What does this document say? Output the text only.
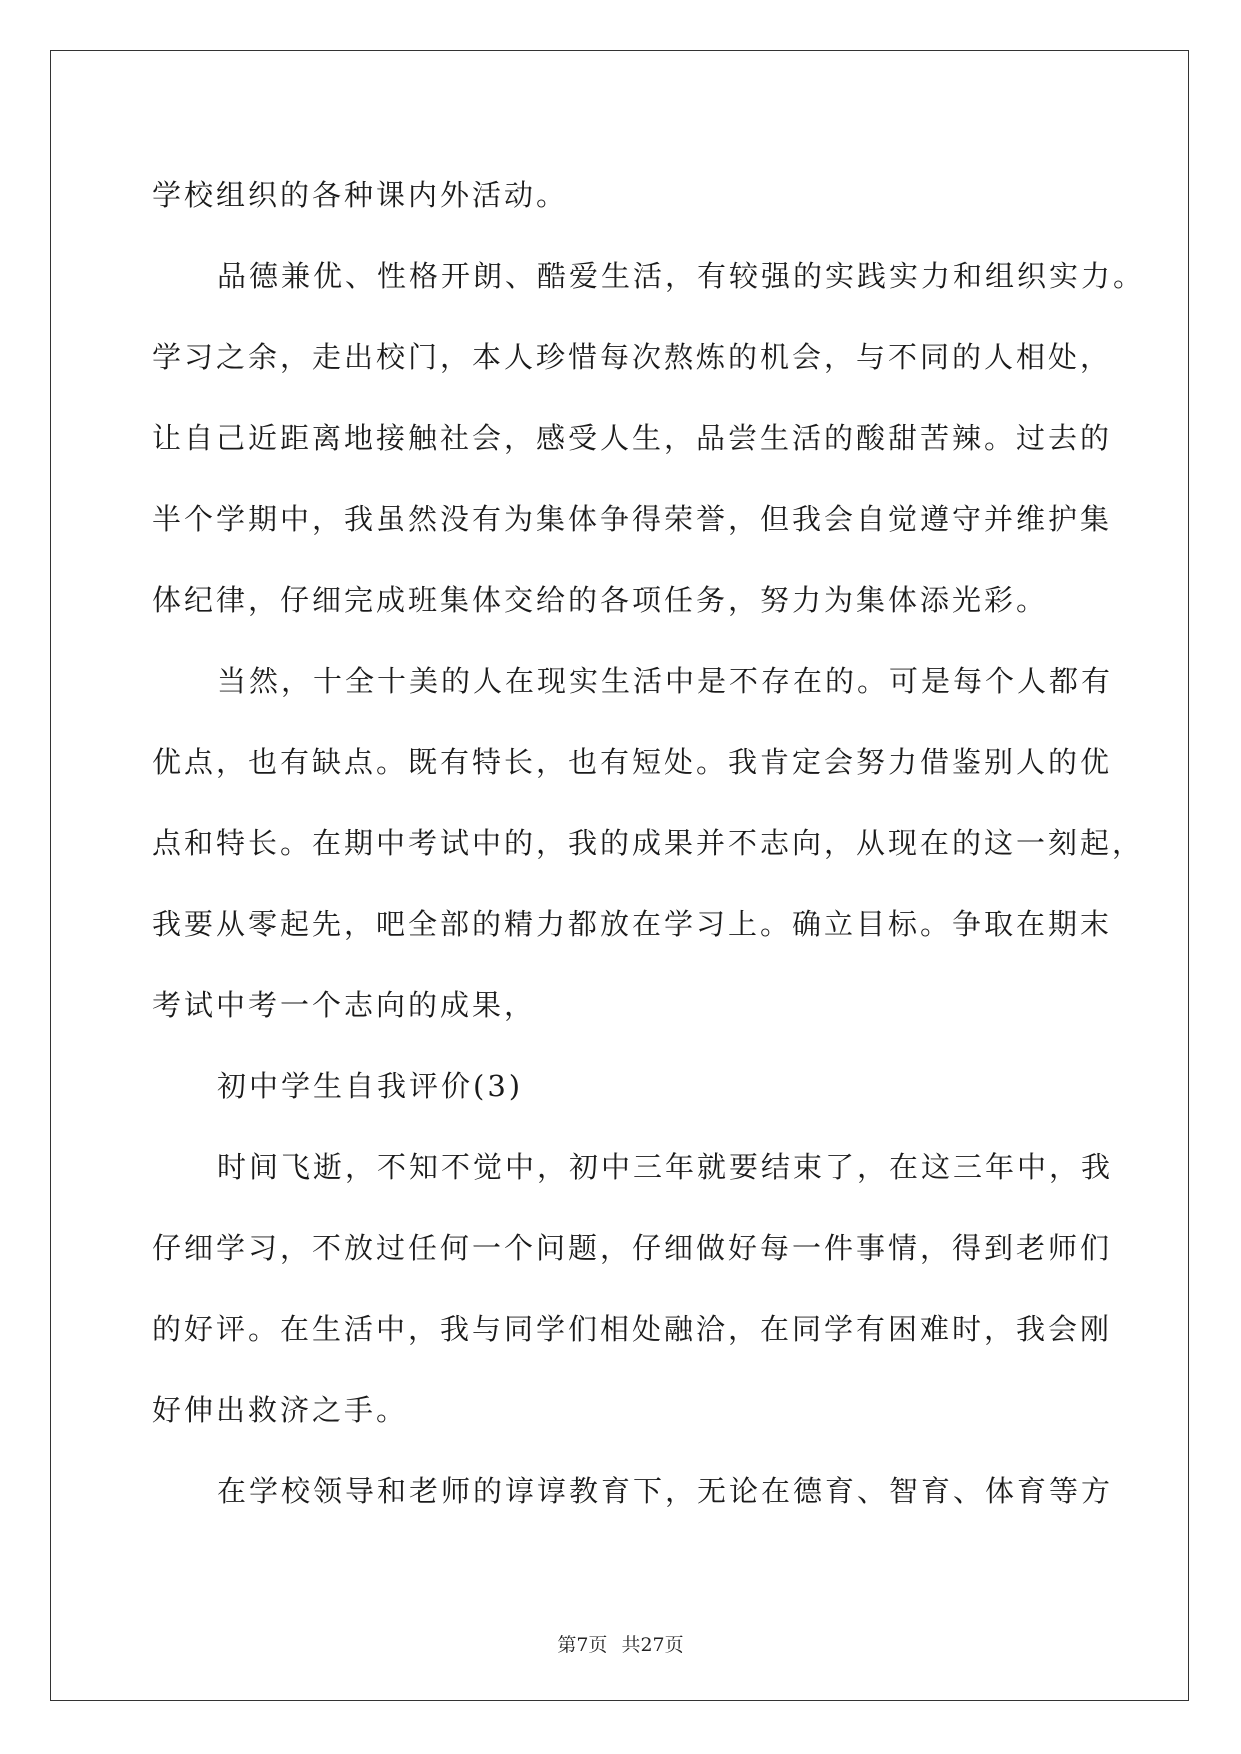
学校组织的各种课内外活动。
品德兼优、性格开朗、酷爱生活，有较强的实践实力和组织实力。
学习之余，走出校门，本人珍惜每次熬炼的机会，与不同的人相处，
让自己近距离地接触社会，感受人生，品尝生活的酸甜苦辣。过去的
半个学期中，我虽然没有为集体争得荣誉，但我会自觉遵守并维护集
体纪律，仔细完成班集体交给的各项任务，努力为集体添光彩。
当然，十全十美的人在现实生活中是不存在的。可是每个人都有
优点，也有缺点。既有特长，也有短处。我肯定会努力借鉴别人的优
点和特长。在期中考试中的，我的成果并不志向，从现在的这一刻起，
我要从零起先，吧全部的精力都放在学习上。确立目标。争取在期末
考试中考一个志向的成果，
初中学生自我评价(3)
时间飞逝，不知不觉中，初中三年就要结束了，在这三年中，我
仔细学习，不放过任何一个问题，仔细做好每一件事情，得到老师们
的好评。在生活中，我与同学们相处融洽，在同学有困难时，我会刚
好伸出救济之手。
在学校领导和老师的谆谆教育下，无论在德育、智育、体育等方
第7页 共27页
